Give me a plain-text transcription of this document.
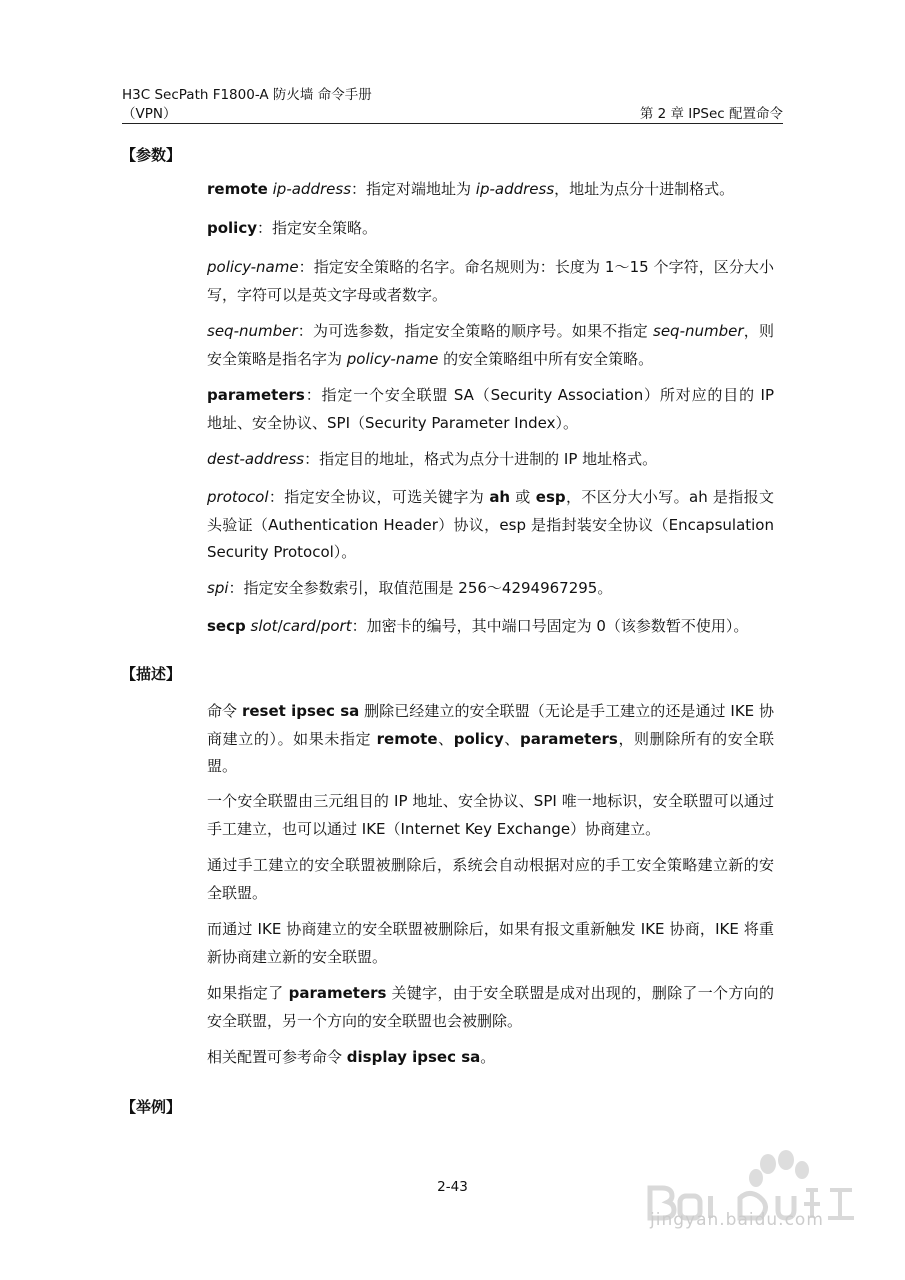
H3C SecPath F1800-A 防火墙 命令手册
（VPN）	第 2 章 IPSec 配置命令
【参数】

remote ip-address：指定对端地址为 ip-address，地址为点分十进制格式。

policy：指定安全策略。

policy-name：指定安全策略的名字。命名规则为：长度为 1～15 个字符，区分大小写，字符可以是英文字母或者数字。

seq-number：为可选参数，指定安全策略的顺序号。如果不指定 seq-number，则安全策略是指名字为 policy-name 的安全策略组中所有安全策略。

parameters：指定一个安全联盟 SA（Security Association）所对应的目的 IP 地址、安全协议、SPI（Security Parameter Index）。

dest-address：指定目的地址，格式为点分十进制的 IP 地址格式。

protocol：指定安全协议，可选关键字为 ah 或 esp，不区分大小写。ah 是指报文头验证（Authentication Header）协议，esp 是指封装安全协议（Encapsulation Security Protocol）。

spi：指定安全参数索引，取值范围是 256～4294967295。

secp slot/card/port：加密卡的编号，其中端口号固定为 0（该参数暂不使用）。

【描述】

命令 reset ipsec sa 删除已经建立的安全联盟（无论是手工建立的还是通过 IKE 协商建立的）。如果未指定 remote、policy、parameters，则删除所有的安全联盟。

一个安全联盟由三元组目的 IP 地址、安全协议、SPI 唯一地标识，安全联盟可以通过手工建立，也可以通过 IKE（Internet Key Exchange）协商建立。

通过手工建立的安全联盟被删除后，系统会自动根据对应的手工安全策略建立新的安全联盟。

而通过 IKE 协商建立的安全联盟被删除后，如果有报文重新触发 IKE 协商，IKE 将重新协商建立新的安全联盟。

如果指定了 parameters 关键字，由于安全联盟是成对出现的，删除了一个方向的安全联盟，另一个方向的安全联盟也会被删除。

相关配置可参考命令 display ipsec sa。

【举例】
2-43
jingyan.baidu.com
